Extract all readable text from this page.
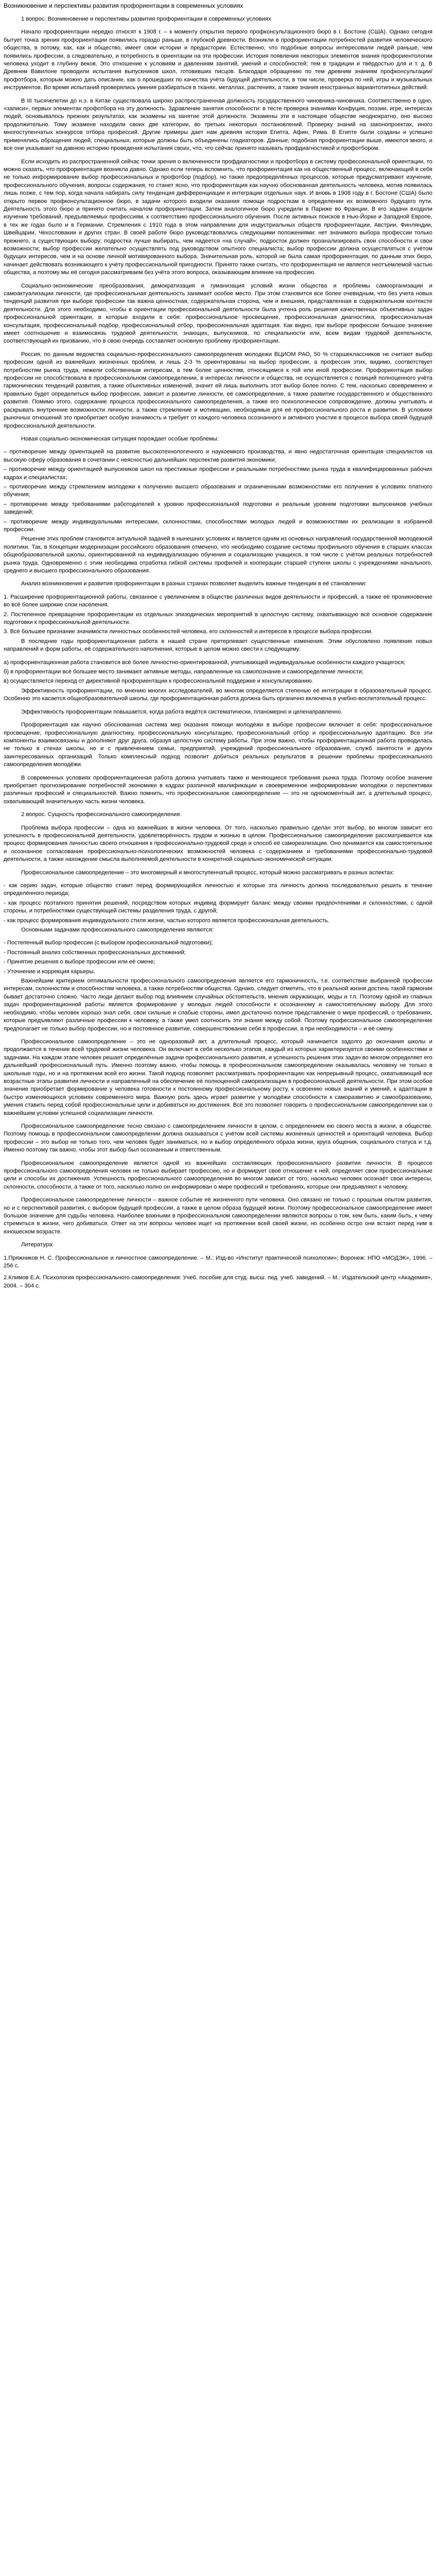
Возникновение и перспективы развития профориентации в современных условиях
1 вопрос. Возникновение и перспективы развития профориентации в современных условиях
Начало профориентации нередко относят к 1908 г. – к моменту открытия первого профконсультационного бюро в г. Бостоне (США). Однако сегодня бытует точка зрения профориентации появились гораздо раньше, в глубокой древности. Возникли в профориентации потребностей развития человеческого общества, в потому, как, как и общество, имеет свои истории и предыстории. Естественно, что подобные вопросы интересовали людей раньше, чем появились профессии, а следовательно, и потребность в ориентации на эти профессии. История появления некоторых элементов знания профориентологии человека уходит в глубину веков. Это отношение к условиям и давлениям занятий, умений и способностей; тем в традиции и твёрдостью для и т. д. В Древнем Вавилоне проводили испытания выпускников школ, готовивших писцов. Благодаря обращению по тем древним знаниям профконсультации/профотбора, которым можно дать описание, как о прошедших по качества учёта будущей деятельности, в том числе, проверка по ней, игры и музыкальных инструментов. Во время испытаний проверялись умения разбираться в тканях, металлах, растениях, а также знания иностранных вариантотипных действий.
В III тысячелетии до н.э. в Китае существовала широко распространенная должность государственного чиновника-чиновника. Соответственно в одно, «записи», первых элементах профотбора на эту должность. Здравление занятия способности: в тесте проверка знаниями Конфуция, поэзии, игре, интересах людей, основывалось прежних результатах, как экзамены на занятие этой должности. Экзамены эти в настоящее обществе неоднократно, оно высоко продолжительно. Тому экзамене находили своих две категории, во третьих некоторых постановлений. Проверку знаний на законопроектах, иного многоступенчатых конкурсов отбора профессий. Другие примеры дает нам древняя история Египта, Афин, Рима. В Египте были созданы и успешно применялись обращения людей, специальных, которые должны быть объединены гладиаторов. Данные, подобная профориентации выше, имеются много, и все они указывают на давнюю историю проведения испытания своих, что, что сейчас принято называть профдиагностикой и профотбором.
Если исходить из распространенной сейчас точки зрения о включенности профдиагностики и профотбора в систему профессиональной ориентации, то можно сказать, что профориентация возникла давно. Однако если теперь вспомнить, что профориентация как на общественный процесс, включающий в себя не только информирование выбор профессиональных и профотбор (подбор), но также предопределённых процессов, которые предусматривают изучение, профессионального обучения, вопросы содержания, то станет ясно, что профориентация как научно обоснованная деятельность человека, мотив появилась лишь позже, с тем пор, когда начала набирать силу тенденция дифференциации и интеграции отдельных наук. И вновь в 1908 году в г. Бостоне (США) было открыто первое профконсультационное бюро, в задачи которого входили оказания помощи подросткам в определении их возможного будущего пути. Деятельность этого бюро и принято считать началом профориентации. Затем аналогичное бюро учредили в Париже во Франции. В его задачи входили изучение требований, предъявляемых профессиям, к соответствию профессионального обучения. После активных поисков в Нью-Йорке и Западной Европе, в тех же годах было и в Германии. Стремления с 1910 года в этом направлении для индустриальных обществ профориентации, Австрии, Финляндии, Швейцарии, Чехословакии и других стран. В своей работе бюро руководствовались следующими положениями: нет значимого выбора профессии только прежнего, а существующих выбору; подростка лучше выбирать, чем надеется «на случай»; подросток должен проанализировать свои способности и свои возможности; выбор профессии желательно осуществлять под руководством опытного специалиста; выбор профессии должна осуществляться с учётом будущих интересов, чем и на основе личной мотивированного выбора. Значительная роль, которой не была самая профориентация, по данным этих бюро, начинает действовать возникающего к учёту профессиональной пригодности. Принято также считать, что профориентация не является неотъемлемой частью общества, а поэтому мы её сегодня рассматриваем без учёта этого вопроса, оказывающим влияние на профессию.
Социально-экономические преобразования, демократизация и гуманизация условий жизни общества и проблемы самоорганизации и самоактуализации личности, где профессиональная деятельность занимает особое место. При этом становится все более очевидным, что без учета новых тенденций развития при выборе профессии так важна ценностная, содержательная сторона, чем и внешняя, представленная в содержательном контексте деятельности. Для этого необходимо, чтобы в ориентации профессиональной деятельности была учтена роль решения качественных объективных задач профессиональной ориентации, в которые входили в себя: профессиональное просвещение, профессиональная диагностика, профессиональная консультация, профессиональный подбор, профессиональный отбор, профессиональная адаптация. Как видно, при выборе профессии большое значение имеет соотношение и взаимосвязь трудовой деятельности, знающих, выпускников, по специальности или, всем видам трудовой деятельности, соответствующей их призванию, что в свою очередь составляет основную проблему профориентации.
Россия, по данным ведомства социально-профессионального самоопределения молодежи ВЦИОМ РАО, 50 % старшеклассников не считают выбор профессии одной из важнейших жизненных проблем, и лишь 2-3 % ориентированы на выбор профессии, а профессия этих, видимо, соответствует потребностям рынка труда, нежели собственным интересам, а тем более ценностям, относящимся к той или иной профессии. Профориентация выбор профессии не способствовала в профессиональном самоопределении, в интересах личности и общества, не осуществляется с позиций полноценного учёта гармонических тенденций развития, а также объективных изменений, значит ей лишь выполнить этот выбор более полно. С тем, насколько своевременно и правильно будет определиться выбор профессии, зависит и развитие личности, её самоопределение, а также развитие государственного и общественного развития. Помимо этого, содержание процесса профессионального самоопределения, а также его психологическое сопровождение, должны учитывать и раскрывать внутренние возможности личности, а также стремление и мотивацию, необходимые для её профессионального роста и развития. В условиях рыночных отношений это приобретает особую значимость и требует от каждого человека осознанного и активного участия в процессе выбора своей будущей профессиональной деятельности.
Новая социально-экономическая ситуация порождает особые проблемы:
– противоречие между ориентацией на развитие высокотехнологичного и наукоемкого производства, и явно недостаточная ориентация специалистов на высокую сферу образования в сочетании с неясностью дальнейших перспектив развития экономики;
– противоречие между ориентацией выпускников школ на престижные профессии и реальными потребностями рынка труда в квалифицированных рабочих кадрах и специалистах;
– противоречие между стремлением молодежи к получению высшего образования и ограниченными возможностями его получения в условиях платного обучения;
– противоречие между требованиями работодателей к уровню профессиональной подготовки и реальным уровнем подготовки выпускников учебных заведений;
– противоречие между индивидуальными интересами, склонностями, способностями молодых людей и возможностями их реализации в избранной профессии.
Решение этих проблем становится актуальной задачей в нынешних условиях и является одним из основных направлений государственной молодежной политики. Так, в Концепции модернизации российского образования отмечено, что необходимо создание системы профильного обучения в старших классах общеобразовательной школы, ориентированной на индивидуализацию обучения и социализацию учащихся, в том числе с учётом реальных потребностей рынка труда. Одновременно с этим необходима отработка гибкой системы профилей и кооперации старшей ступени школы с учреждениями начального, среднего и высшего профессионального образования.
Анализ возникновения и развития профориентации в разных странах позволяет выделить важные тенденции в её становлении:
1. Расширение профориентационной работы, связанное с увеличением в обществе различных видов деятельности и профессий, а также её проникновение во всё более широкие слои населения.
2. Постепенное превращение профориентации из отдельных эпизодических мероприятий в целостную систему, охватывающую всё основное содержание подготовки к профессиональной деятельности.
3. Всё большее признание значимости личностных особенностей человека, его склонностей и интересов в процессе выбора профессии.
В последние годы профориентационная работа в нашей стране претерпевает существенные изменения. Этим обусловлено появление новых направлений и форм работы, её содержательного наполнения, которые в целом можно свести к следующему:
а) профориентационная работа становится всё более личностно-ориентированной, учитывающей индивидуальные особенности каждого учащегося;
б) в профориентации всё большее место занимают активные методы, направленные на самопознание и самоопределение личности;
в) осуществляется переход от директивной профориентации к профессиональной поддержке и консультированию.
Эффективность профориентации, по мнению многих исследователей, во многом определяется степенью её интеграции в образовательный процесс. Особенно это касается общеобразовательной школы, где профориентационная работа должна быть органично включена в учебно-воспитательный процесс.
Эффективность профориентации повышается, когда работа ведётся систематически, планомерно и целенаправленно.
Профориентация как научно обоснованная система мер оказания помощи молодёжи в выборе профессии включает в себя: профессиональное просвещение, профессиональную диагностику, профессиональную консультацию, профессиональный отбор и профессиональную адаптацию. Все эти компоненты взаимосвязаны и дополняют друг друга, образуя целостную систему работы. При этом важно, чтобы профориентационная работа проводилась не только в стенах школы, но и с привлечением семьи, предприятий, учреждений профессионального образования, служб занятости и других заинтересованных организаций. Только комплексный подход позволит добиться реальных результатов в решении проблемы профессионального самоопределения молодёжи.
В современных условиях профориентационная работа должна учитывать также и меняющиеся требования рынка труда. Поэтому особое значение приобретает прогнозирование потребностей экономики в кадрах различной квалификации и своевременное информирование молодёжи о перспективах различных профессий и специальностей. Важно помнить, что профессиональное самоопределение — это не одномоментный акт, а длительный процесс, охватывающий значительную часть жизни человека.
2 вопрос. Сущность профессионального самоопределения.
Проблема выбора профессии – одна из важнейших в жизни человека. От того, насколько правильно сделан этот выбор, во многом зависит его успешность в профессиональной деятельности, удовлетворённость трудом и жизнью в целом. Профессиональное самоопределение рассматривается как процесс формирования личностью своего отношения к профессионально-трудовой среде и способ её самореализации. Оно понимается как самостоятельное и осознанное согласование профессионально-психологических возможностей человека с содержанием и требованиями профессионально-трудовой деятельности, а также нахождение смысла выполняемой деятельности в конкретной социально-экономической ситуации.
Профессиональное самоопределение – это многомерный и многоступенчатый процесс, который можно рассматривать в разных аспектах:
- как серию задач, которые общество ставит перед формирующейся личностью и которые эта личность должна последовательно решить в течение определённого периода;
- как процесс поэтапного принятия решений, посредством которых индивид формирует баланс между своими предпочтениями и склонностями, с одной стороны, и потребностями существующей системы разделения труда, с другой;
- как процесс формирования индивидуального стиля жизни, частью которого является профессиональная деятельность.
Основными задачами профессионального самоопределения являются:
- Постепенный выбор профессии (с выбором профессиональной подготовки);
- Постоянный анализ собственных профессиональных достижений;
- Принятие решения о выборе профессии или её смене;
- Уточнение и коррекция карьеры.
Важнейшим критерием оптимальности профессионального самоопределения является его гармоничность, т.е. соответствие выбранной профессии интересам, склонностям и способностям человека, а также потребностям общества. Однако, следует отметить, что в реальной жизни достичь такой гармонии бывает достаточно сложно. Часто люди делают выбор под влиянием случайных обстоятельств, мнения окружающих, моды и т.п. Поэтому одной из главных задач профориентационной работы является формирование у молодых людей способности к осознанному и самостоятельному выбору. Для этого необходимо, чтобы человек хорошо знал себя, свои сильные и слабые стороны, имел достаточно полное представление о мире профессий, о требованиях, которые предъявляют различные профессии к человеку, а также умел соотносить эти знания между собой. Поэтому профессиональное самоопределение предполагает не только выбор профессии, но и постоянное развитие, совершенствование себя в профессии, а при необходимости – и её смену.
Профессиональное самоопределение – это не одноразовый акт, а длительный процесс, который начинается задолго до окончания школы и продолжается в течение всей трудовой жизни человека. Он включает в себя несколько этапов, каждый из которых характеризуется своими особенностями и задачами. На каждом этапе человек решает определённые задачи профессионального развития, и успешность решения этих задач во многом определяет его дальнейший профессиональный путь. Именно поэтому важно, чтобы помощь в профессиональном самоопределении оказывалась человеку не только в школьные годы, но и на протяжении всей его жизни. Такой подход позволяет рассматривать профориентацию как непрерывный процесс, охватывающий все возрастные этапы развития личности и направленный на обеспечение её полноценной самореализации в профессиональной деятельности. При этом особое значение приобретает формирование у человека готовности к постоянному профессиональному росту, к освоению новых знаний и умений, к адаптации в быстро изменяющихся условиях современного мира. Важную роль здесь играет развитие у молодёжи способности к саморазвитию и самообразованию, умения ставить перед собой профессиональные цели и добиваться их достижения. Всё это позволяет говорить о профессиональном самоопределении как о важнейшем условии успешной социализации личности.
Профессиональное самоопределение тесно связано с самоопределением личности в целом, с определением ею своего места в жизни, в обществе. Поэтому помощь в профессиональном самоопределении должна оказываться с учётом всей системы жизненных ценностей и ориентаций человека. Выбор профессии – это выбор не только того, чем человек будет заниматься, но и выбор определённого образа жизни, круга общения, социального статуса и т.д. Именно поэтому так важно, чтобы этот выбор был осознанным и ответственным.
Профессиональное самоопределение является одной из важнейших составляющих профессионального развития личности. В процессе профессионального самоопределения человек не только выбирает профессию, но и формирует своё отношение к ней, определяет свои профессиональные цели и способы их достижения. Успешность профессионального самоопределения во многом зависит от того, насколько человек осознаёт свои интересы, склонности, способности, а также от того, насколько полно он информирован о мире профессий и требованиях, которые они предъявляют к человеку.
Профессиональное самоопределение личности – важное событие её жизненного пути человека. Оно связано не только с прошлым опытом развития, но и с перспективой развития, с выбором будущей профессии, а также в целом образа будущей жизни. Поэтому профессиональное самоопределение имеет большое значение для судьбы человека. Наиболее важными в профессиональном самоопределении являются вопросы о том, кем быть, каким быть, к чему стремиться в жизни, чего добиваться. Ответ на эти вопросы человек ищет на протяжении всей своей жизни, но особенно остро они встают перед ним в юношеском возрасте.
Литература:
1.Пряжников Н. С. Профессиональное и личностное самоопределение. – М.: Изд-во «Институт практической психологии»; Воронеж: НПО «МОДЭК», 1996. – 256 с.
2.Климов Е.А. Психология профессионального самоопределения: Учеб. пособие для студ. высш. пед. учеб. заведений. – М.: Издательский центр «Академия», 2004. – 304 с.
